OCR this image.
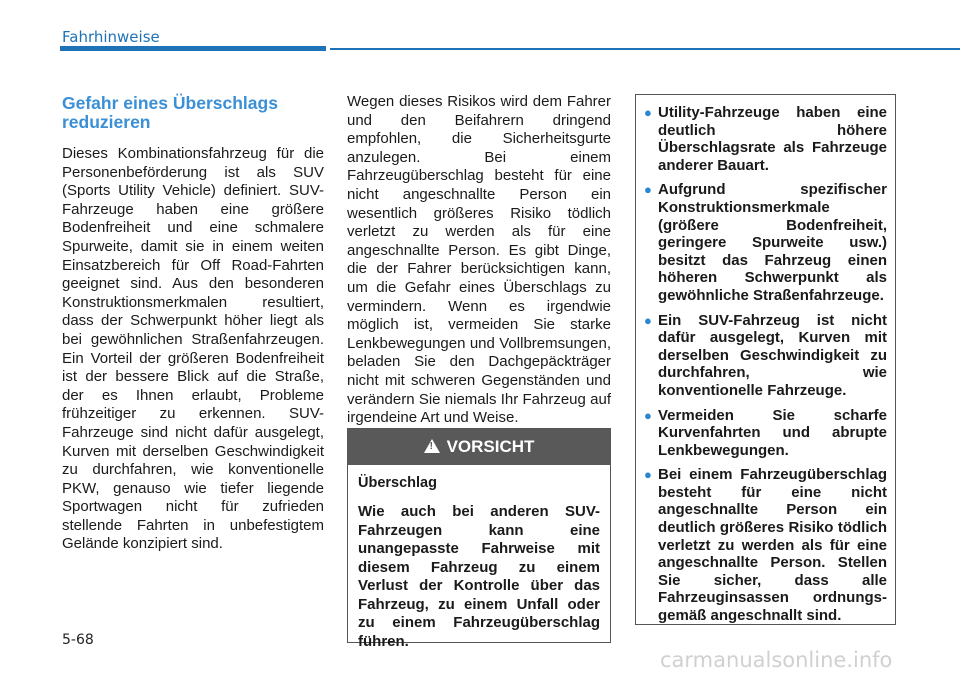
Fahrhinweise
Gefahr eines Überschlags reduzieren

Dieses Kombinationsfahrzeug für die Personenbeförderung ist als SUV (Sports Utility Vehicle) definiert. SUV-Fahrzeuge haben eine größere Bodenfreiheit und eine schmalere Spurweite, damit sie in einem weiten Einsatzbereich für Off Road-Fahrten geeignet sind. Aus den besonderen Konstruktionsmerkmalen resultiert, dass der Schwerpunkt höher liegt als bei gewöhnlichen Straßenfahrzeugen. Ein Vorteil der größeren Bodenfreiheit ist der bessere Blick auf die Straße, der es Ihnen erlaubt, Probleme frühzeitiger zu erkennen. SUV-Fahrzeuge sind nicht dafür ausgelegt, Kurven mit derselben Geschwindigkeit zu durchfahren, wie konventionelle PKW, genauso wie tiefer liegende Sportwagen nicht für zufrieden stellende Fahrten in unbefestigtem Gelände konzipiert sind.

Wegen dieses Risikos wird dem Fahrer und den Beifahrern dringend empfohlen, die Sicherheitsgurte anzulegen. Bei einem Fahrzeugüberschlag besteht für eine nicht angeschnallte Person ein wesentlich größeres Risiko tödlich verletzt zu werden als für eine angeschnallte Person. Es gibt Dinge, die der Fahrer berücksichtigen kann, um die Gefahr eines Überschlags zu vermindern. Wenn es irgendwie möglich ist, vermeiden Sie starke Lenkbewegungen und Vollbremsungen, beladen Sie den Dachgepäckträger nicht mit schweren Gegenständen und verändern Sie niemals Ihr Fahrzeug auf irgendeine Art und Weise.

!
VORSICHT
Überschlag
Wie auch bei anderen SUV-Fahrzeugen kann eine unangepasste Fahrweise mit diesem Fahrzeug zu einem Verlust der Kontrolle über das Fahrzeug, zu einem Unfall oder zu einem Fahrzeugüberschlag führen.
● Utility-Fahrzeuge haben eine deutlich höhere Überschlagsrate als Fahrzeuge anderer Bauart.
● Aufgrund spezifischer Konstruktionsmerkmale (größere Bodenfreiheit, geringere Spurweite usw.) besitzt das Fahrzeug einen höheren Schwerpunkt als gewöhnliche Straßenfahrzeuge.
● Ein SUV-Fahrzeug ist nicht dafür ausgelegt, Kurven mit derselben Geschwindigkeit zu durchfahren, wie konventionelle Fahrzeuge.
● Vermeiden Sie scharfe Kurvenfahrten und abrupte Lenkbewegungen.
● Bei einem Fahrzeugüberschlag besteht für eine nicht angeschnallte Person ein deutlich größeres Risiko tödlich verletzt zu werden als für eine angeschnallte Person. Stellen Sie sicher, dass alle Fahrzeuginsassen ordnungs-gemäß angeschnallt sind.
5-68
carmanualsonline.info
